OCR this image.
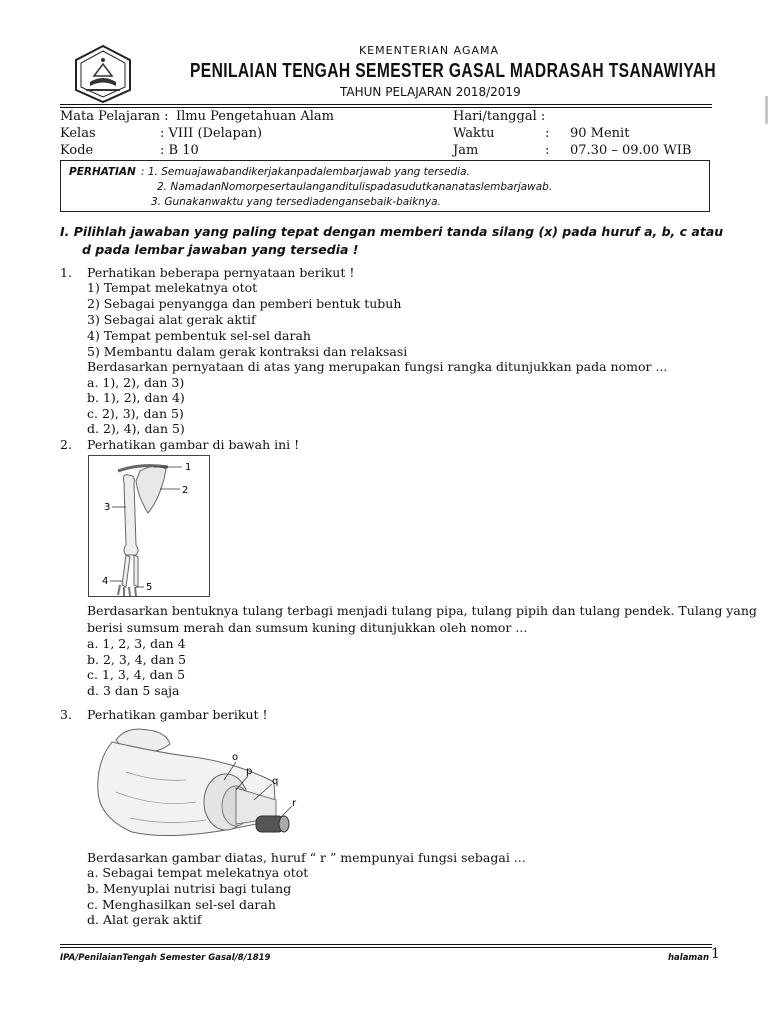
KEMENTERIAN AGAMA
PENILAIAN TENGAH SEMESTER GASAL MADRASAH TSANAWIYAH
TAHUN PELAJARAN 2018/2019
Mata Pelajaran : Ilmu Pengetahuan Alam
Kelas	: VIII (Delapan)
Kode	: B 10
Hari/tanggal :
Waktu	: 90 Menit
Jam	: 07.30 – 09.00 WIB
PERHATIAN : 1. Semuajawabandikerjakanpadalembarjawab yang tersedia.
2. NamadanNomorpesertaulanganditulispadasudutkananataslembarjawab.
3. Gunakanwaktu yang tersediadengansebaik-baiknya.
I. Pilihlah jawaban yang paling tepat dengan memberi tanda silang (x) pada huruf a, b, c atau
d pada lembar jawaban yang tersedia !
1. Perhatikan beberapa pernyataan berikut !
1) Tempat melekatnya otot
2) Sebagai penyangga dan pemberi bentuk tubuh
3) Sebagai alat gerak aktif
4) Tempat pembentuk sel-sel darah
5) Membantu dalam gerak kontraksi dan relaksasi
Berdasarkan pernyataan di atas yang merupakan fungsi rangka ditunjukkan pada nomor ...
a. 1), 2), dan 3)
b. 1), 2), dan 4)
c. 2), 3), dan 5)
d. 2), 4), dan 5)
2. Perhatikan gambar di bawah ini !
1
2
3
4
5
Berdasarkan bentuknya tulang terbagi menjadi tulang pipa, tulang pipih dan tulang pendek. Tulang yang
berisi sumsum merah dan sumsum kuning ditunjukkan oleh nomor ...
a. 1, 2, 3, dan 4
b. 2, 3, 4, dan 5
c. 1, 3, 4, dan 5
d. 3 dan 5 saja
3. Perhatikan gambar berikut !
o
p
q
r
Berdasarkan gambar diatas, huruf “ r ” mempunyai fungsi sebagai ...
a. Sebagai tempat melekatnya otot
b. Menyuplai nutrisi bagi tulang
c. Menghasilkan sel-sel darah
d. Alat gerak aktif
IPA/PenilaianTengah Semester Gasal/8/1819	halaman 1
